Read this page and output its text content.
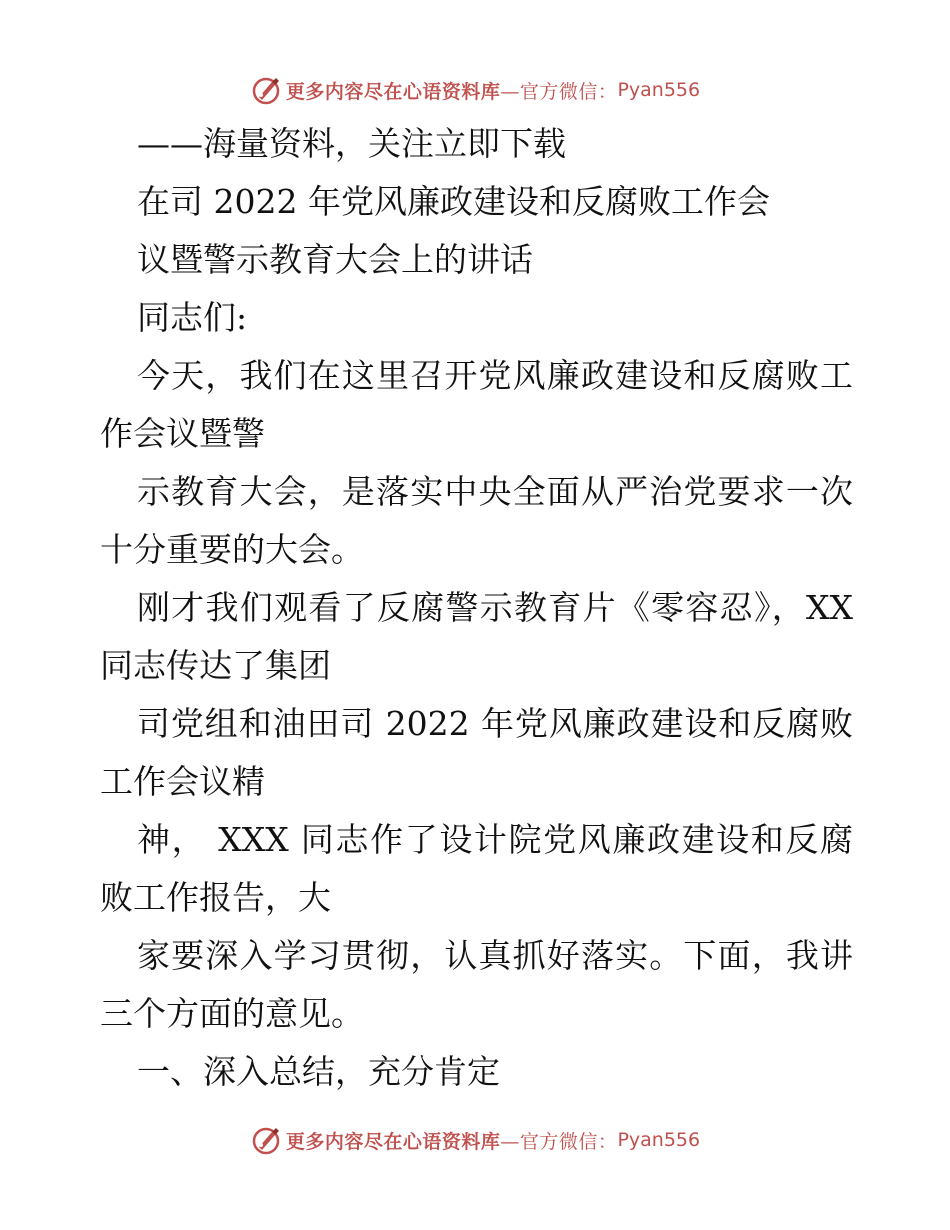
更多内容尽在心语资料库 —官方微信： Pyan556
——海量资料，关注立即下载
在司 2022 年党风廉政建设和反腐败工作会
议暨警示教育大会上的讲话
同志们:
今天，我们在这里召开党风廉政建设和反腐败工
作会议暨警
示教育大会，是落实中央全面从严治党要求一次
十分重要的大会。
刚才我们观看了反腐警示教育片《零容忍》，XX
同志传达了集团
司党组和油田司 2022 年党风廉政建设和反腐败
工作会议精
神， XXX 同志作了设计院党风廉政建设和反腐
败工作报告，大
家要深入学习贯彻，认真抓好落实。下面，我讲
三个方面的意见。
一、深入总结，充分肯定
更多内容尽在心语资料库 —官方微信： Pyan556
